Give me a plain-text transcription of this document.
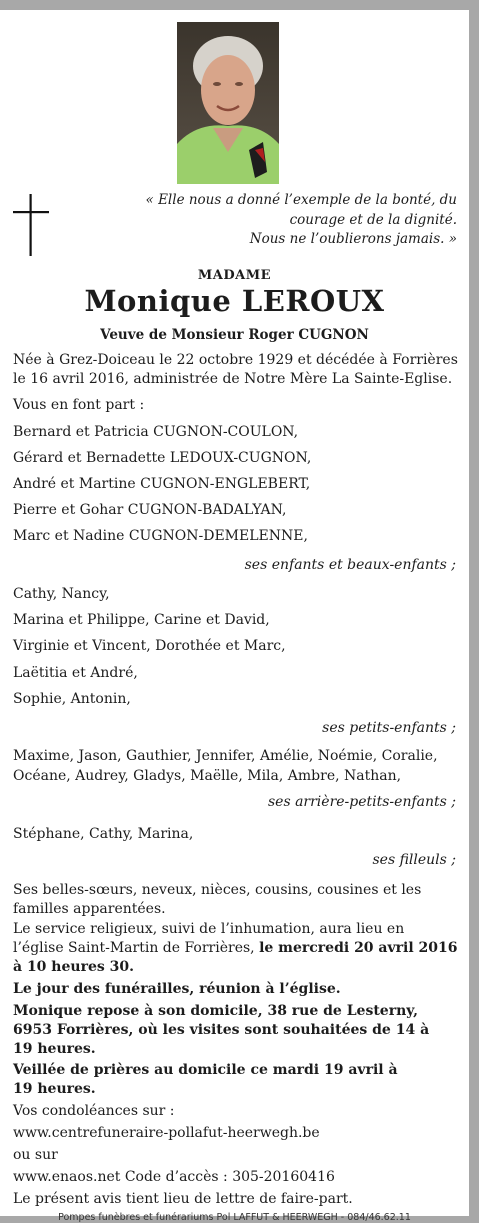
« Elle nous a donné l’exemple de la bonté, du
courage et de la dignité.
Nous ne l’oublierons jamais. »
MADAME
Monique LEROUX
Veuve de Monsieur Roger CUGNON
Née à Grez-Doiceau le 22 octobre 1929 et décédée à Forrières
le 16 avril 2016, administrée de Notre Mère La Sainte-Eglise.
Vous en font part :
Bernard et Patricia CUGNON-COULON,
Gérard et Bernadette LEDOUX-CUGNON,
André et Martine CUGNON-ENGLEBERT,
Pierre et Gohar CUGNON-BADALYAN,
Marc et Nadine CUGNON-DEMELENNE,
ses enfants et beaux-enfants ;
Cathy, Nancy,
Marina et Philippe, Carine et David,
Virginie et Vincent, Dorothée et Marc,
Laëtitia et André,
Sophie, Antonin,
ses petits-enfants ;
Maxime, Jason, Gauthier, Jennifer, Amélie, Noémie, Coralie,
Océane, Audrey, Gladys, Maëlle, Mila, Ambre, Nathan,
ses arrière-petits-enfants ;
Stéphane, Cathy, Marina,
ses filleuls ;
Ses belles-sœurs, neveux, nièces, cousins, cousines et les
familles apparentées.
Le service religieux, suivi de l’inhumation, aura lieu en
l’église Saint-Martin de Forrières, le mercredi 20 avril 2016
à 10 heures 30.
Le jour des funérailles, réunion à l’église.
Monique repose à son domicile, 38 rue de Lesterny,
6953 Forrières, où les visites sont souhaitées de 14 à
19 heures.
Veillée de prières au domicile ce mardi 19 avril à
19 heures.
Vos condoléances sur :
www.centrefuneraire-pollafut-heerwegh.be
ou sur
www.enaos.net Code d’accès : 305-20160416
Le présent avis tient lieu de lettre de faire-part.
Pompes funèbres et funérariums Pol LAFFUT & HEERWEGH - 084/46.62.11
